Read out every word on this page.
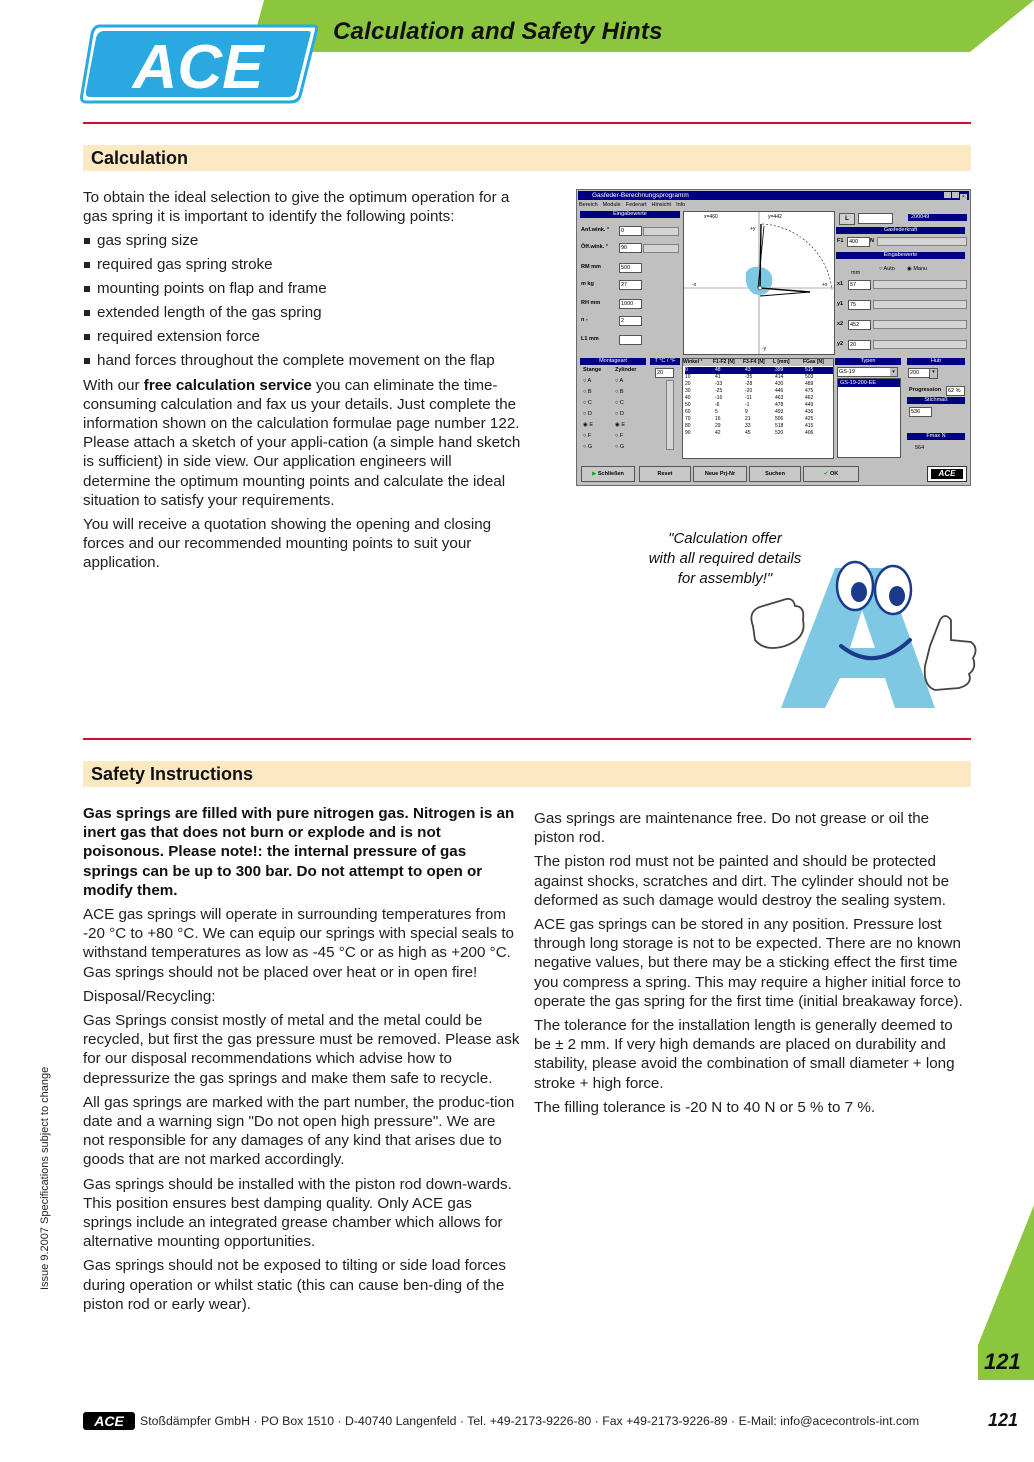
Calculation and Safety Hints
ACE
Calculation

To obtain the ideal selection to give the optimum operation for a gas spring it is important to identify the following points:

gas spring size
required gas spring stroke
mounting points on flap and frame
extended length of the gas spring
required extension force
hand forces throughout the complete movement on the flap

With our free calculation service you can eliminate the time-consuming calculation and fax us your details. Just complete the information shown on the calculation formulae page number 122. Please attach a sketch of your appli-cation (a simple hand sketch is sufficient) in side view. Our application engineers will determine the optimum mounting points and calculate the ideal situation to satisfy your requirements.

You will receive a quotation showing the opening and closing forces and our recommended mounting points to suit your application.

Gasfeder-Berechnungsprogramm	×
Bereich Module Federart Hinsicht Info
Eingabewerte
Anf.wink. °	0
Öff.wink. °	90
RM mm	500
m kg	27
RH mm	1000
n -	2
L1 mm
x=460	y=442
+y
+x
-x
-y
L	200049
Gasfederkraft
F1	400	N
Eingabewerte
mm
○ Auto ◉ Manu
x1	57
y1	75
x2	452
y2	20
Montageart
Stange Zylinder
○ A
○ B
○ C
○ D
◉ E
○ F
○ G
○ A
○ B
○ C
○ D
◉ E
○ F
○ G
T °C / °F
20
Winkel ° F1-F2 [N] F3-F4 [N] L [mm]	FGas [N]
0	48	43	399	515
10	41	-35	414	503
20	-33	-28	430	489
30	-25	-20	446	475
40	-16	-11	463	462
50	-6	-1	478	449
60	5	9	493	436
70	16	21	506	425
80	29	33	518	415
90	42	45	520	406
Typen
GS-19	▾
GS-19-200-EE
Hub
200	▾
Progression	62 %
Stichmaß
536
Fmax N
564
▶ Schließen	Reset	Neue Prj-Nr	Suchen	✔ OK	ACE
"Calculation offer
with all required details
for assembly!"
Safety Instructions

Gas springs are filled with pure nitrogen gas. Nitrogen is an inert gas that does not burn or explode and is not poisonous. Please note!: the internal pressure of gas springs can be up to 300 bar. Do not attempt to open or modify them.

ACE gas springs will operate in surrounding temperatures from -20 °C to +80 °C. We can equip our springs with special seals to withstand temperatures as low as -45 °C or as high as +200 °C. Gas springs should not be placed over heat or in open fire!

Disposal/Recycling:

Gas Springs consist mostly of metal and the metal could be recycled, but first the gas pressure must be removed. Please ask for our disposal recommendations which advise how to depressurize the gas springs and make them safe to recycle.

All gas springs are marked with the part number, the produc-tion date and a warning sign "Do not open high pressure". We are not responsible for any damages of any kind that arises due to goods that are not marked accordingly.

Gas springs should be installed with the piston rod down-wards. This position ensures best damping quality. Only ACE gas springs include an integrated grease chamber which allows for alternative mounting opportunities.

Gas springs should not be exposed to tilting or side load forces during operation or whilst static (this can cause ben-ding of the piston rod or early wear).

Gas springs are maintenance free. Do not grease or oil the piston rod.

The piston rod must not be painted and should be protected against shocks, scratches and dirt. The cylinder should not be deformed as such damage would destroy the sealing system.

ACE gas springs can be stored in any position. Pressure lost through long storage is not to be expected. There are no known negative values, but there may be a sticking effect the first time you compress a spring. This may require a higher initial force to operate the gas spring for the first time (initial breakaway force).

The tolerance for the installation length is generally deemed to be ± 2 mm. If very high demands are placed on durability and stability, please avoid the combination of small diameter + long stroke + high force.

The filling tolerance is -20 N to 40 N or 5 % to 7 %.

Issue 9.2007 Specifications subject to change
121
ACE	Stoßdämpfer GmbH · PO Box 1510 · D-40740 Langenfeld · Tel. +49-2173-9226-80 · Fax +49-2173-9226-89 · E-Mail: info@acecontrols-int.com	121
